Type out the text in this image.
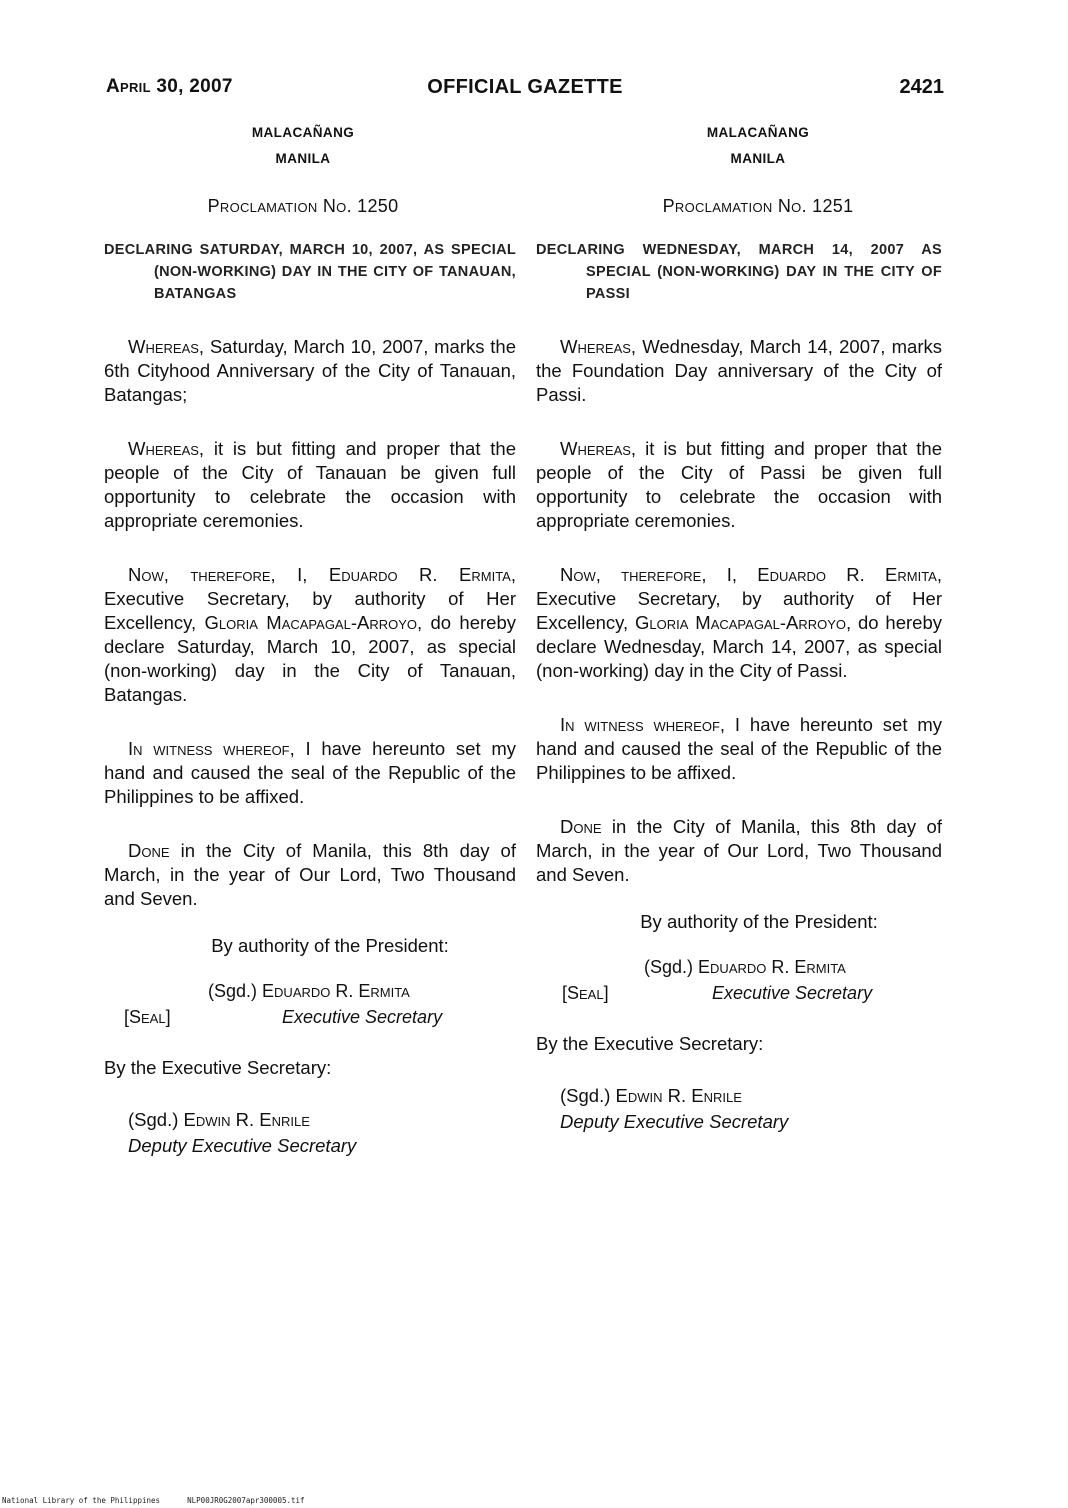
April 30, 2007	OFFICIAL GAZETTE	2421
MALACAÑANG
MANILA
Proclamation No. 1250
DECLARING SATURDAY, MARCH 10, 2007, AS SPECIAL (NON-WORKING) DAY IN THE CITY OF TANAUAN, BATANGAS
Whereas, Saturday, March 10, 2007, marks the 6th Cityhood Anniversary of the City of Tanauan, Batangas;
Whereas, it is but fitting and proper that the people of the City of Tanauan be given full opportunity to celebrate the occasion with appropriate ceremonies.
Now, therefore, I, Eduardo R. Ermita, Executive Secretary, by authority of Her Excellency, Gloria Macapagal-Arroyo, do hereby declare Saturday, March 10, 2007, as special (non-working) day in the City of Tanauan, Batangas.
In witness whereof, I have hereunto set my hand and caused the seal of the Republic of the Philippines to be affixed.
Done in the City of Manila, this 8th day of March, in the year of Our Lord, Two Thousand and Seven.
By authority of the President:
(Sgd.) Eduardo R. Ermita
[Seal]	Executive Secretary
By the Executive Secretary:
(Sgd.) Edwin R. Enrile
Deputy Executive Secretary
MALACAÑANG
MANILA
Proclamation No. 1251
DECLARING WEDNESDAY, MARCH 14, 2007 AS SPECIAL (NON-WORKING) DAY IN THE CITY OF PASSI
Whereas, Wednesday, March 14, 2007, marks the Foundation Day anniversary of the City of Passi.
Whereas, it is but fitting and proper that the people of the City of Passi be given full opportunity to celebrate the occasion with appropriate ceremonies.
Now, therefore, I, Eduardo R. Ermita, Executive Secretary, by authority of Her Excellency, Gloria Macapagal-Arroyo, do hereby declare Wednesday, March 14, 2007, as special (non-working) day in the City of Passi.
In witness whereof, I have hereunto set my hand and caused the seal of the Republic of the Philippines to be affixed.
Done in the City of Manila, this 8th day of March, in the year of Our Lord, Two Thousand and Seven.
By authority of the President:
(Sgd.) Eduardo R. Ermita
[Seal]	Executive Secretary
By the Executive Secretary:
(Sgd.) Edwin R. Enrile
Deputy Executive Secretary
National Library of the Philippines	NLP00JR0G2007apr300005.tif
